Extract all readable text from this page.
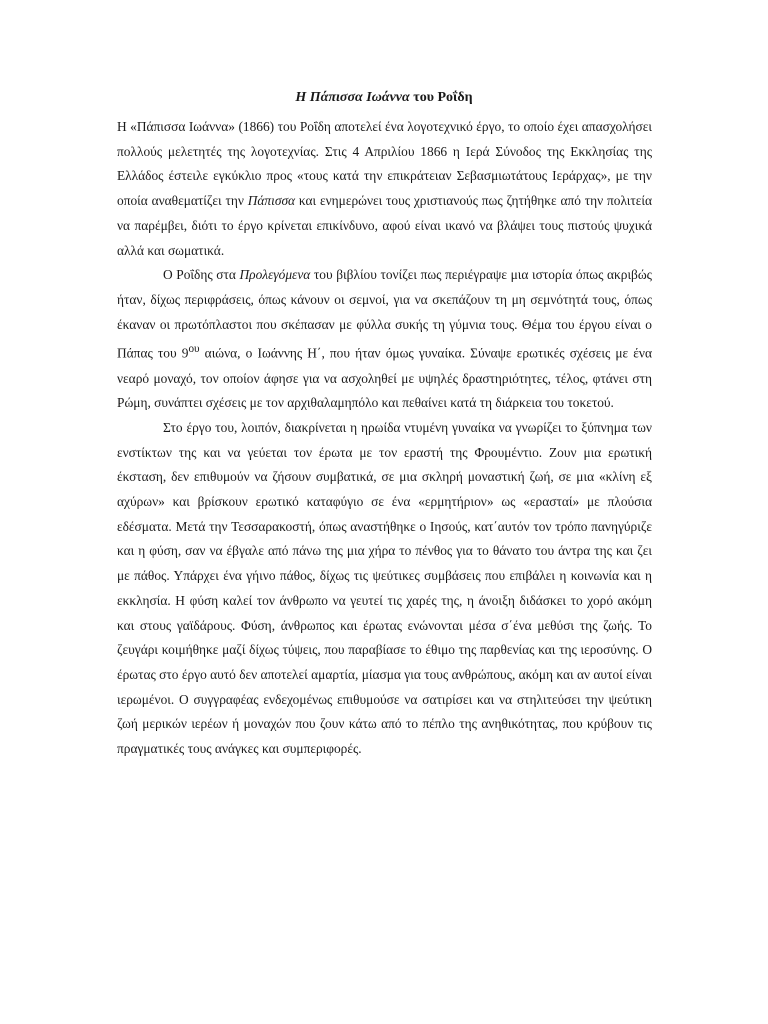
Η Πάπισσα Ιωάννα του Ροΐδη

Η «Πάπισσα Ιωάννα» (1866) του Ροΐδη αποτελεί ένα λογοτεχνικό έργο, το οποίο έχει απασχολήσει πολλούς μελετητές της λογοτεχνίας. Στις 4 Απριλίου 1866 η Ιερά Σύνοδος της Εκκλησίας της Ελλάδος έστειλε εγκύκλιο προς «τους κατά την επικράτειαν Σεβασμιωτάτους Ιεράρχας», με την οποία αναθεματίζει την Πάπισσα και ενημερώνει τους χριστιανούς πως ζητήθηκε από την πολιτεία να παρέμβει, διότι το έργο κρίνεται επικίνδυνο, αφού είναι ικανό να βλάψει τους πιστούς ψυχικά αλλά και σωματικά.

Ο Ροΐδης στα Προλεγόμενα του βιβλίου τονίζει πως περιέγραψε μια ιστορία όπως ακριβώς ήταν, δίχως περιφράσεις, όπως κάνουν οι σεμνοί, για να σκεπάζουν τη μη σεμνότητά τους, όπως έκαναν οι πρωτόπλαστοι που σκέπασαν με φύλλα συκής τη γύμνια τους. Θέμα του έργου είναι ο Πάπας του $9^{o\upsilon}$ αιώνα, ο Ιωάννης Η΄, που ήταν όμως γυναίκα. Σύναψε ερωτικές σχέσεις με ένα νεαρό μοναχό, τον οποίον άφησε για να ασχοληθεί με υψηλές δραστηριότητες, τέλος, φτάνει στη Ρώμη, συνάπτει σχέσεις με τον αρχιθαλαμηπόλο και πεθαίνει κατά τη διάρκεια του τοκετού.

Στο έργο του, λοιπόν, διακρίνεται η ηρωίδα ντυμένη γυναίκα να γνωρίζει το ξύπνημα των ενστίκτων της και να γεύεται τον έρωτα με τον εραστή της Φρουμέντιο. Ζουν μια ερωτική έκσταση, δεν επιθυμούν να ζήσουν συμβατικά, σε μια σκληρή μοναστική ζωή, σε μια «κλίνη εξ αχύρων» και βρίσκουν ερωτικό καταφύγιο σε ένα «ερμητήριον» ως «ερασταί» με πλούσια εδέσματα. Μετά την Τεσσαρακοστή, όπως αναστήθηκε ο Ιησούς, κατ΄αυτόν τον τρόπο πανηγύριζε και η φύση, σαν να έβγαλε από πάνω της μια χήρα το πένθος για το θάνατο του άντρα της και ζει με πάθος. Υπάρχει ένα γήινο πάθος, δίχως τις ψεύτικες συμβάσεις που επιβάλει η κοινωνία και η εκκλησία. Η φύση καλεί τον άνθρωπο να γευτεί τις χαρές της, η άνοιξη διδάσκει το χορό ακόμη και στους γαϊδάρους. Φύση, άνθρωπος και έρωτας ενώνονται μέσα σ΄ένα μεθύσι της ζωής. Το ζευγάρι κοιμήθηκε μαζί δίχως τύψεις, που παραβίασε το έθιμο της παρθενίας και της ιεροσύνης. Ο έρωτας στο έργο αυτό δεν αποτελεί αμαρτία, μίασμα για τους ανθρώπους, ακόμη και αν αυτοί είναι ιερωμένοι. Ο συγγραφέας ενδεχομένως επιθυμούσε να σατιρίσει και να στηλιτεύσει την ψεύτικη ζωή μερικών ιερέων ή μοναχών που ζουν κάτω από το πέπλο της ανηθικότητας, που κρύβουν τις πραγματικές τους ανάγκες και συμπεριφορές.
